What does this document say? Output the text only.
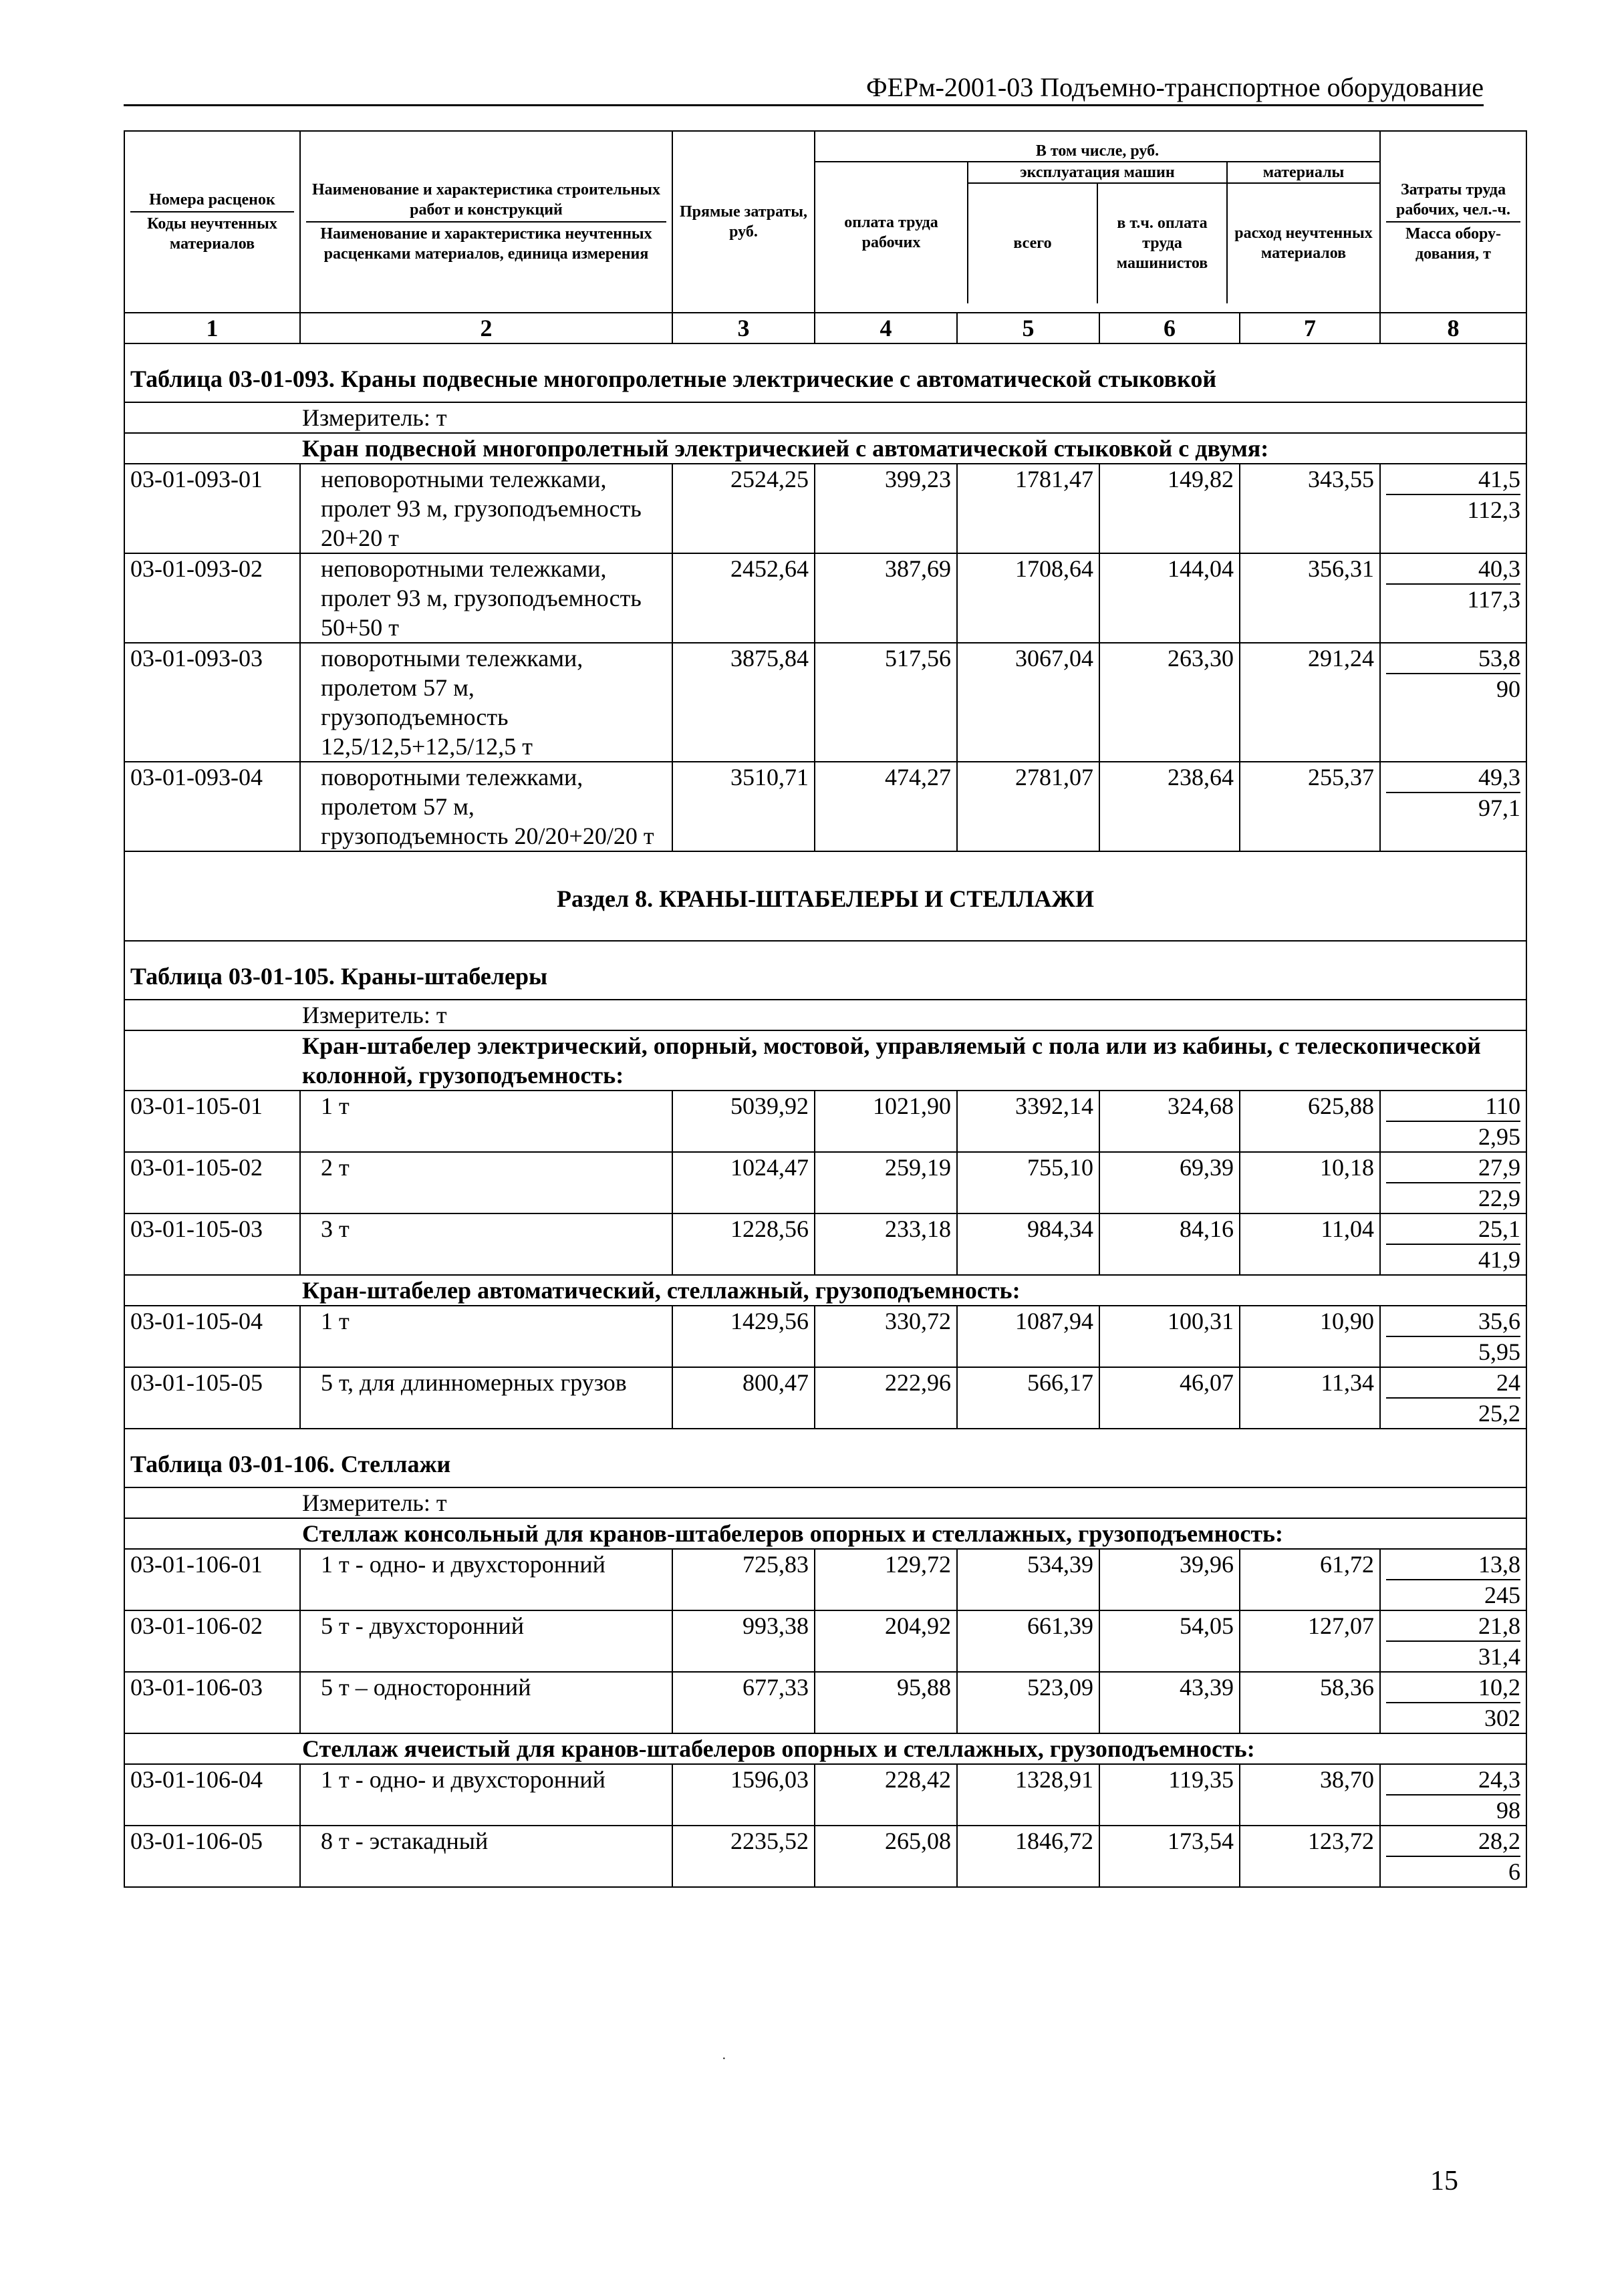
ФЕРм-2001-03 Подъемно-транспортное оборудование
Номера расценок
Коды неучтенных материалов	
Наименование и характеристика строительных работ и конструкций
Наименование и характеристика неучтенных расценками материалов, единица измерения	Прямые затраты, руб.	
В том числе, руб.
оплата труда рабочих	эксплуатация машин	материалы
всего	в т.ч. оплата труда машинистов	расход неучтенных материалов

Затраты труда рабочих, чел.-ч.
Масса обору-дования, т
1	2	3	4	5	6	7	8
Таблица 03-01-093. Краны подвесные многопролетные электрические с автоматической стыковкой
Измеритель: т
Кран подвесной многопролетный электрическией с автоматической стыковкой с двумя:
03-01-093-01	неповоротными тележками, пролет 93 м, грузоподъемность 20+20 т	2524,25	399,23	1781,47	149,82	343,55	41,5
112,3
03-01-093-02	неповоротными тележками, пролет 93 м, грузоподъемность 50+50 т	2452,64	387,69	1708,64	144,04	356,31	40,3
117,3
03-01-093-03	поворотными тележками, пролетом 57 м, грузоподъемность 12,5/12,5+12,5/12,5 т	3875,84	517,56	3067,04	263,30	291,24	53,8
90
03-01-093-04	поворотными тележками, пролетом 57 м, грузоподъемность 20/20+20/20 т	3510,71	474,27	2781,07	238,64	255,37	49,3
97,1
Раздел 8. КРАНЫ-ШТАБЕЛЕРЫ И СТЕЛЛАЖИ
Таблица 03-01-105. Краны-штабелеры
Измеритель: т
Кран-штабелер электрический, опорный, мостовой, управляемый с пола или из кабины, с телескопической колонной, грузоподъемность:
03-01-105-01	1 т	5039,92	1021,90	3392,14	324,68	625,88	110
2,95
03-01-105-02	2 т	1024,47	259,19	755,10	69,39	10,18	27,9
22,9
03-01-105-03	3 т	1228,56	233,18	984,34	84,16	11,04	25,1
41,9
Кран-штабелер автоматический, стеллажный, грузоподъемность:
03-01-105-04	1 т	1429,56	330,72	1087,94	100,31	10,90	35,6
5,95
03-01-105-05	5 т, для длинномерных грузов	800,47	222,96	566,17	46,07	11,34	24
25,2
Таблица 03-01-106. Стеллажи
Измеритель: т
Стеллаж консольный для кранов-штабелеров опорных и стеллажных, грузоподъемность:
03-01-106-01	1 т - одно- и двухсторонний	725,83	129,72	534,39	39,96	61,72	13,8
245
03-01-106-02	5 т - двухсторонний	993,38	204,92	661,39	54,05	127,07	21,8
31,4
03-01-106-03	5 т – односторонний	677,33	95,88	523,09	43,39	58,36	10,2
302
Стеллаж ячеистый для кранов-штабелеров опорных и стеллажных, грузоподъемность:
03-01-106-04	1 т - одно- и двухсторонний	1596,03	228,42	1328,91	119,35	38,70	24,3
98
03-01-106-05	8 т - эстакадный	2235,52	265,08	1846,72	173,54	123,72	28,2
6
·
15
